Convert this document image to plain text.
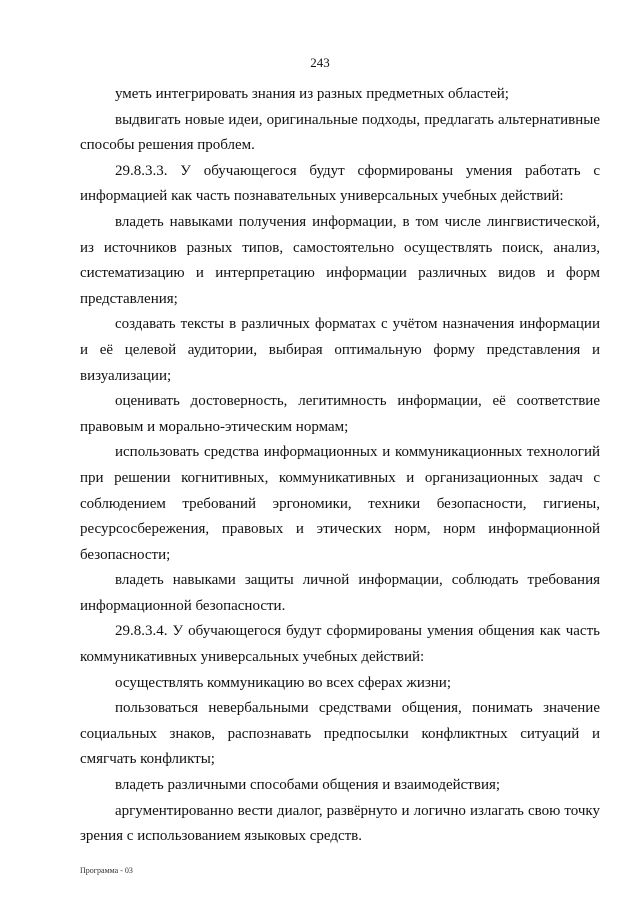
243

уметь интегрировать знания из разных предметных областей;

выдвигать новые идеи, оригинальные подходы, предлагать альтернативные способы решения проблем.

29.8.3.3. У обучающегося будут сформированы умения работать с информацией как часть познавательных универсальных учебных действий:

владеть навыками получения информации, в том числе лингвистической, из источников разных типов, самостоятельно осуществлять поиск, анализ, систематизацию и интерпретацию информации различных видов и форм представления;

создавать тексты в различных форматах с учётом назначения информации и её целевой аудитории, выбирая оптимальную форму представления и визуализации;

оценивать достоверность, легитимность информации, её соответствие правовым и морально-этическим нормам;

использовать средства информационных и коммуникационных технологий при решении когнитивных, коммуникативных и организационных задач с соблюдением требований эргономики, техники безопасности, гигиены, ресурсосбережения, правовых и этических норм, норм информационной безопасности;

владеть навыками защиты личной информации, соблюдать требования информационной безопасности.

29.8.3.4. У обучающегося будут сформированы умения общения как часть коммуникативных универсальных учебных действий:

осуществлять коммуникацию во всех сферах жизни;

пользоваться невербальными средствами общения, понимать значение социальных знаков, распознавать предпосылки конфликтных ситуаций и смягчать конфликты;

владеть различными способами общения и взаимодействия;

аргументированно вести диалог, развёрнуто и логично излагать свою точку зрения с использованием языковых средств.

Программа - 03
